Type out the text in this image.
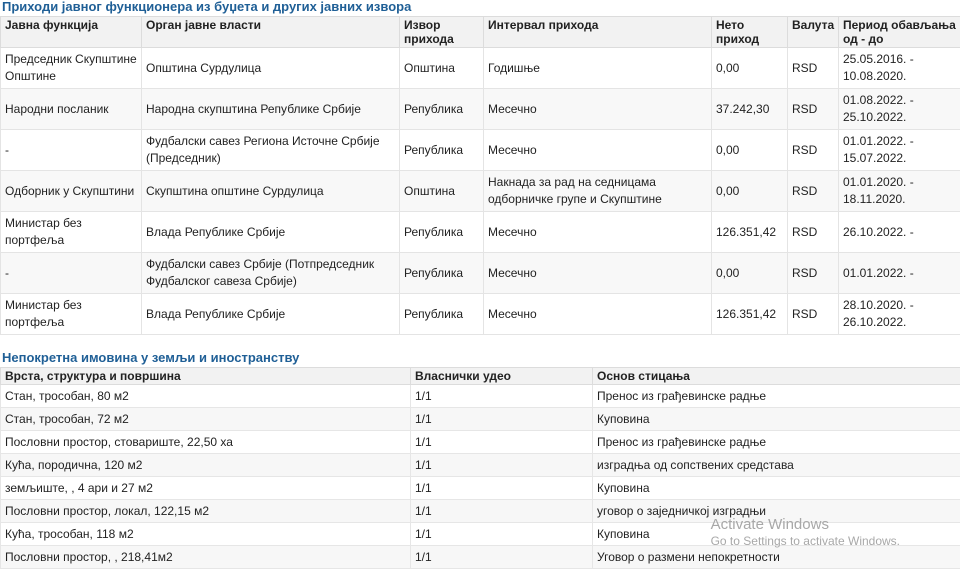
Приходи јавног функционера из буџета и других јавних извора
Јавна функција	Орган јавне власти	Извор прихода	Интервал прихода	Нето приход	Валута	Период обављања од - до
Председник Скупштине Општине	Општина Сурдулица	Општина	Годишње	0,00	RSD	25.05.2016. - 10.08.2020.
Народни посланик	Народна скупштина Републике Србије	Република	Месечно	37.242,30	RSD	01.08.2022. - 25.10.2022.
-	Фудбалски савез Региона Источне Србије (Председник)	Република	Месечно	0,00	RSD	01.01.2022. - 15.07.2022.
Одборник у Скупштини	Скупштина општине Сурдулица	Општина	Накнада за рад на седницама одборничке групе и Скупштине	0,00	RSD	01.01.2020. - 18.11.2020.
Министар без портфеља	Влада Републике Србије	Република	Месечно	126.351,42	RSD	26.10.2022. -
-	Фудбалски савез Србије (Потпредседник Фудбалског савеза Србије)	Република	Месечно	0,00	RSD	01.01.2022. -
Министар без портфеља	Влада Републике Србије	Република	Месечно	126.351,42	RSD	28.10.2020. - 26.10.2022.
Непокретна имовина у земљи и иностранству
Врста, структура и површина	Власнички удео	Основ стицања
Стан, трособан, 80 м2	1/1	Пренос из грађевинске радње
Стан, трособан, 72 м2	1/1	Куповина
Пословни простор, стовариште, 22,50 ха	1/1	Пренос из грађевинске радње
Кућа, породична, 120 м2	1/1	изградња од сопствених средстава
земљиште, , 4 ари и 27 м2	1/1	Куповина
Пословни простор, локал, 122,15 м2	1/1	уговор о заједничкој изградњи
Кућа, трособан, 118 м2	1/1	Куповина
Пословни простор, , 218,41м2	1/1	Уговор о размени непокретности
Activate Windows
Go to Settings to activate Windows.
